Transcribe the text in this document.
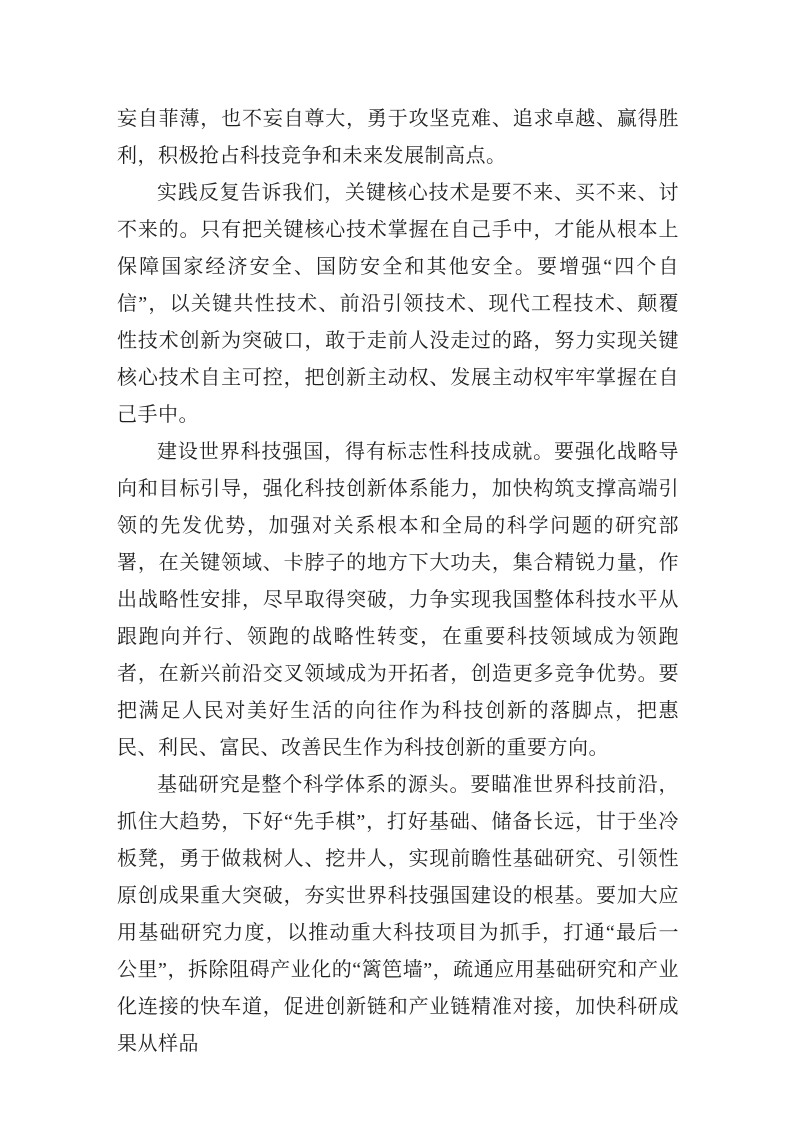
妄自菲薄，也不妄自尊大，勇于攻坚克难、追求卓越、赢得胜利，积极抢占科技竞争和未来发展制高点。

实践反复告诉我们，关键核心技术是要不来、买不来、讨不来的。只有把关键核心技术掌握在自己手中，才能从根本上保障国家经济安全、国防安全和其他安全。要增强“四个自信”，以关键共性技术、前沿引领技术、现代工程技术、颠覆性技术创新为突破口，敢于走前人没走过的路，努力实现关键核心技术自主可控，把创新主动权、发展主动权牢牢掌握在自己手中。

建设世界科技强国，得有标志性科技成就。要强化战略导向和目标引导，强化科技创新体系能力，加快构筑支撑高端引领的先发优势，加强对关系根本和全局的科学问题的研究部署，在关键领域、卡脖子的地方下大功夫，集合精锐力量，作出战略性安排，尽早取得突破，力争实现我国整体科技水平从跟跑向并行、领跑的战略性转变，在重要科技领域成为领跑者，在新兴前沿交叉领域成为开拓者，创造更多竞争优势。要把满足人民对美好生活的向往作为科技创新的落脚点，把惠民、利民、富民、改善民生作为科技创新的重要方向。

基础研究是整个科学体系的源头。要瞄准世界科技前沿，抓住大趋势，下好“先手棋”，打好基础、储备长远，甘于坐冷板凳，勇于做栽树人、挖井人，实现前瞻性基础研究、引领性原创成果重大突破，夯实世界科技强国建设的根基。要加大应用基础研究力度，以推动重大科技项目为抓手，打通“最后一公里”，拆除阻碍产业化的“篱笆墙”，疏通应用基础研究和产业化连接的快车道，促进创新链和产业链精准对接，加快科研成果从样品
